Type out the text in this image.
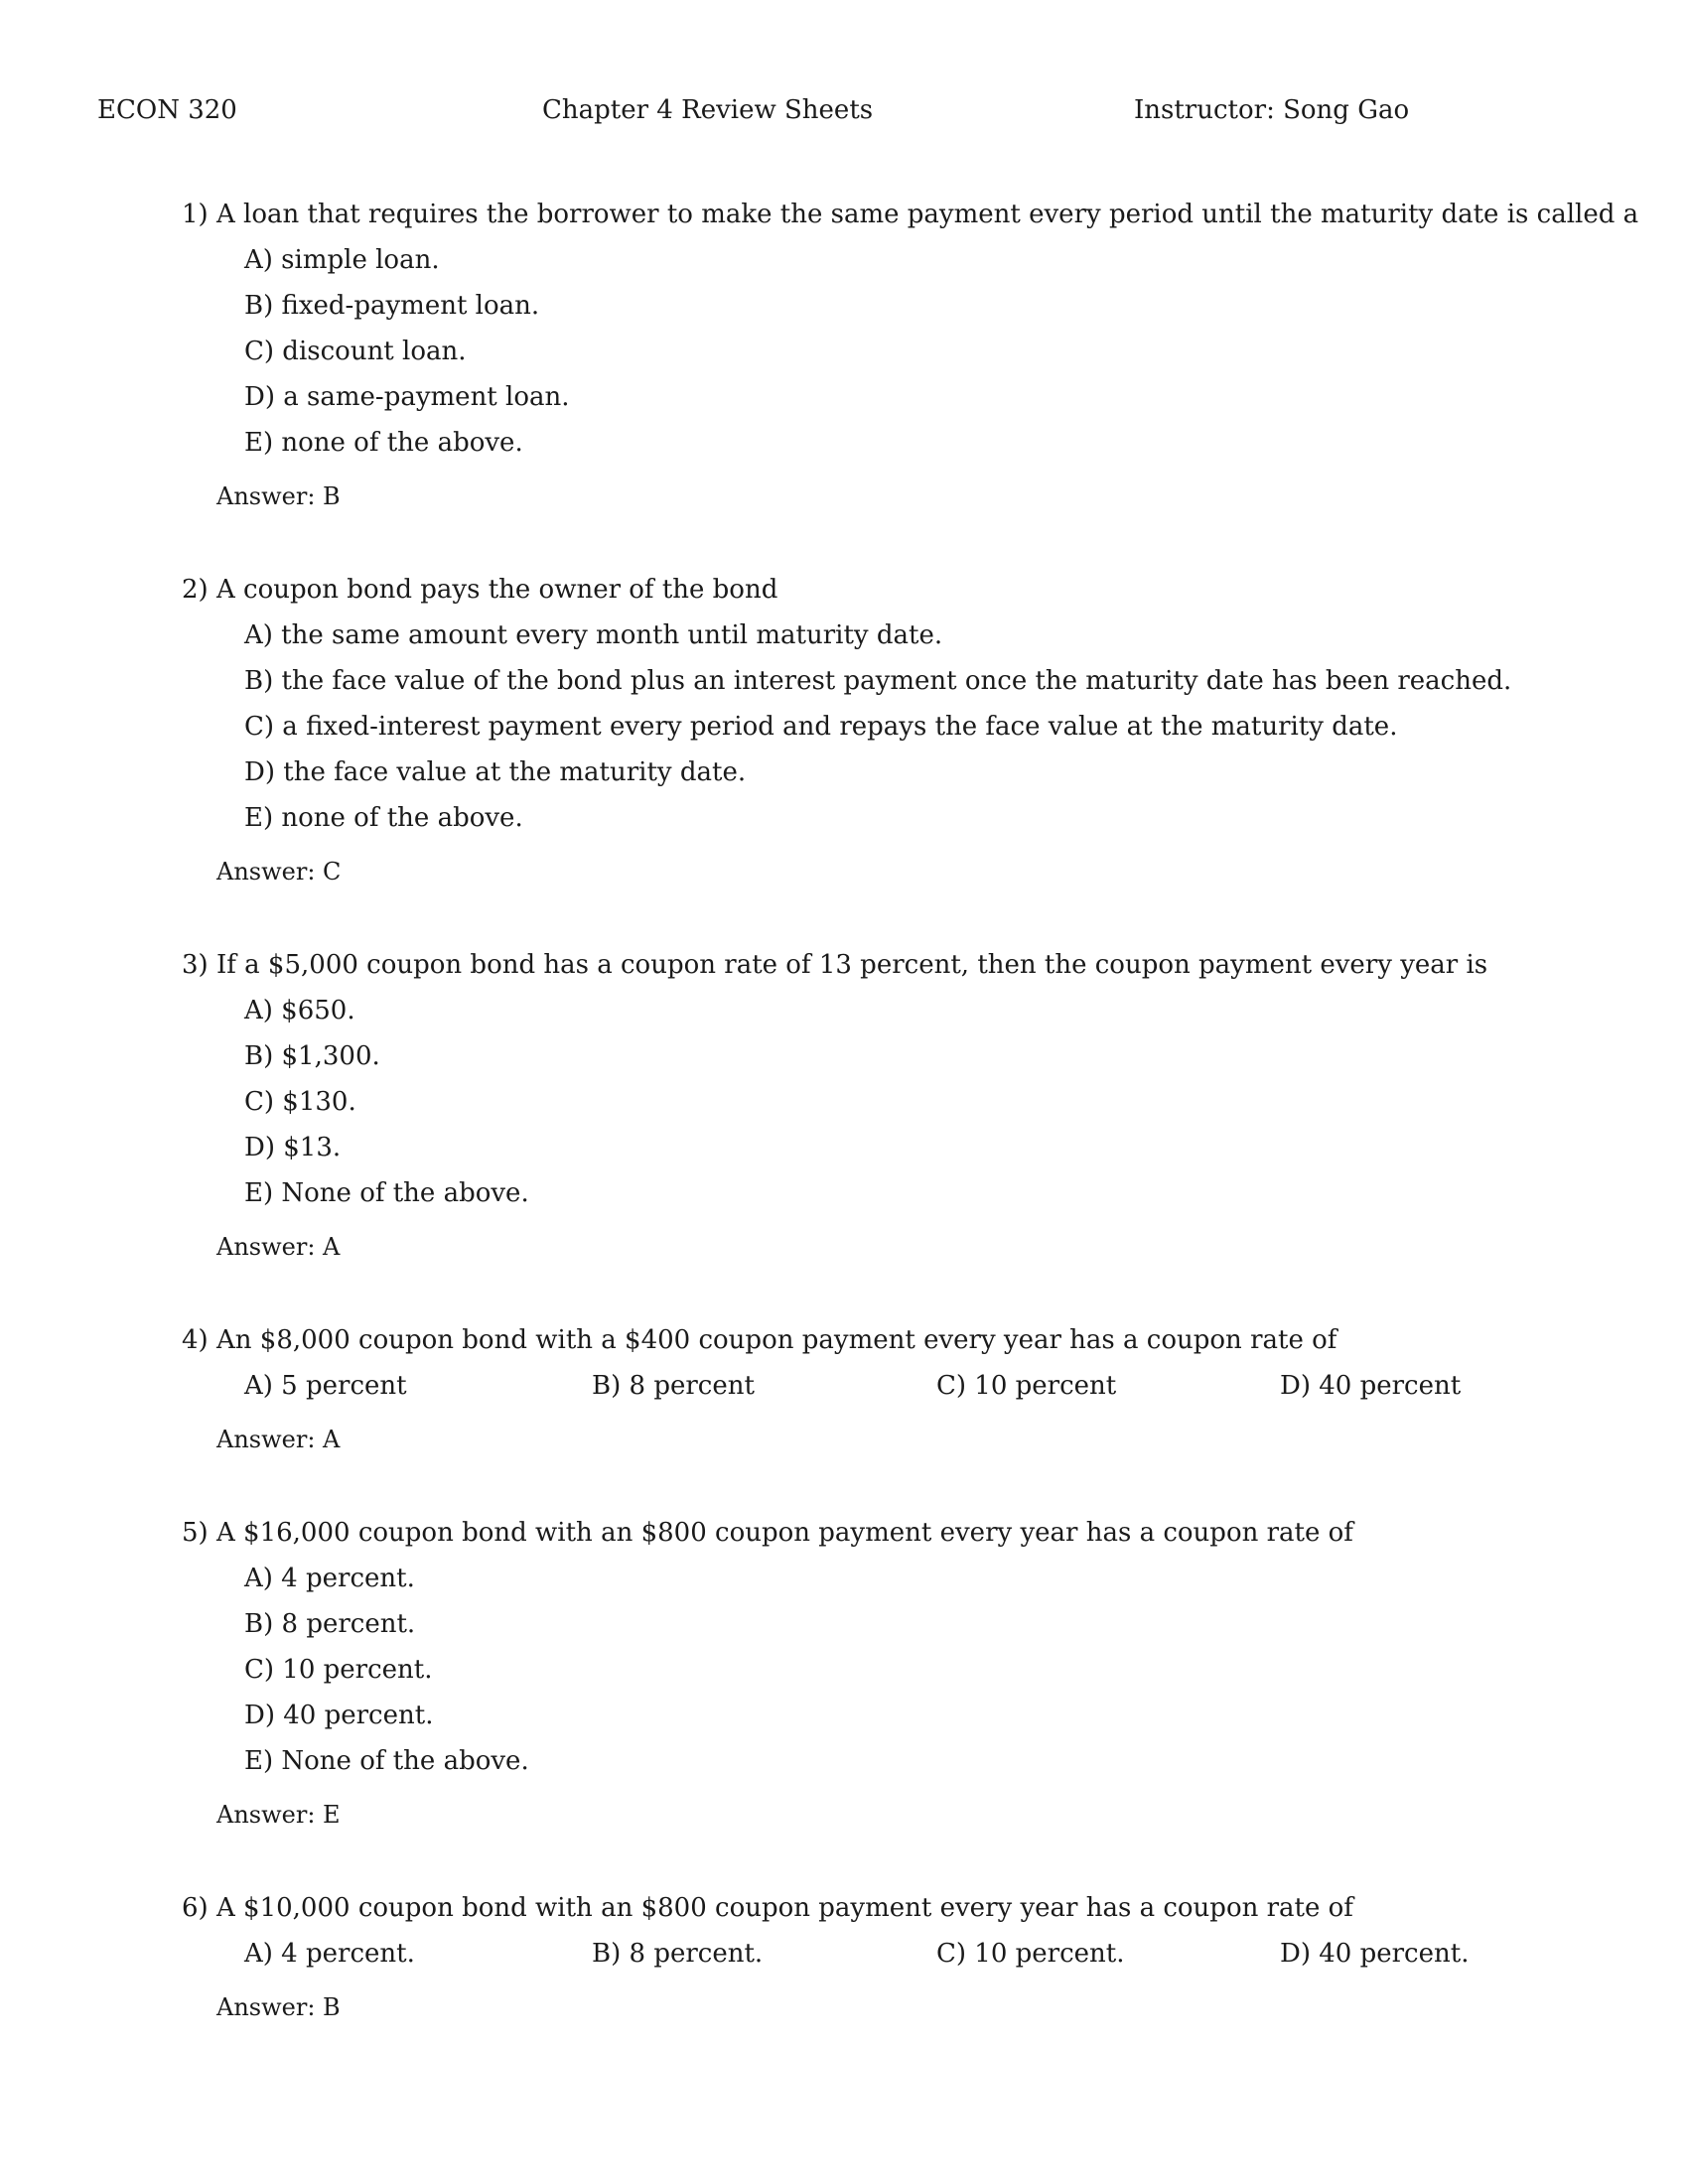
ECON 320	Chapter 4 Review Sheets	Instructor: Song Gao
1) A loan that requires the borrower to make the same payment every period until the maturity date is called a
A) simple loan.
B) fixed-payment loan.
C) discount loan.
D) a same-payment loan.
E) none of the above.
Answer: B
2) A coupon bond pays the owner of the bond
A) the same amount every month until maturity date.
B) the face value of the bond plus an interest payment once the maturity date has been reached.
C) a fixed-interest payment every period and repays the face value at the maturity date.
D) the face value at the maturity date.
E) none of the above.
Answer: C
3) If a $5,000 coupon bond has a coupon rate of 13 percent, then the coupon payment every year is
A) $650.
B) $1,300.
C) $130.
D) $13.
E) None of the above.
Answer: A
4) An $8,000 coupon bond with a $400 coupon payment every year has a coupon rate of
A) 5 percent	B) 8 percent	C) 10 percent	D) 40 percent
Answer: A
5) A $16,000 coupon bond with an $800 coupon payment every year has a coupon rate of
A) 4 percent.
B) 8 percent.
C) 10 percent.
D) 40 percent.
E) None of the above.
Answer: E
6) A $10,000 coupon bond with an $800 coupon payment every year has a coupon rate of
A) 4 percent.	B) 8 percent.	C) 10 percent.	D) 40 percent.
Answer: B
